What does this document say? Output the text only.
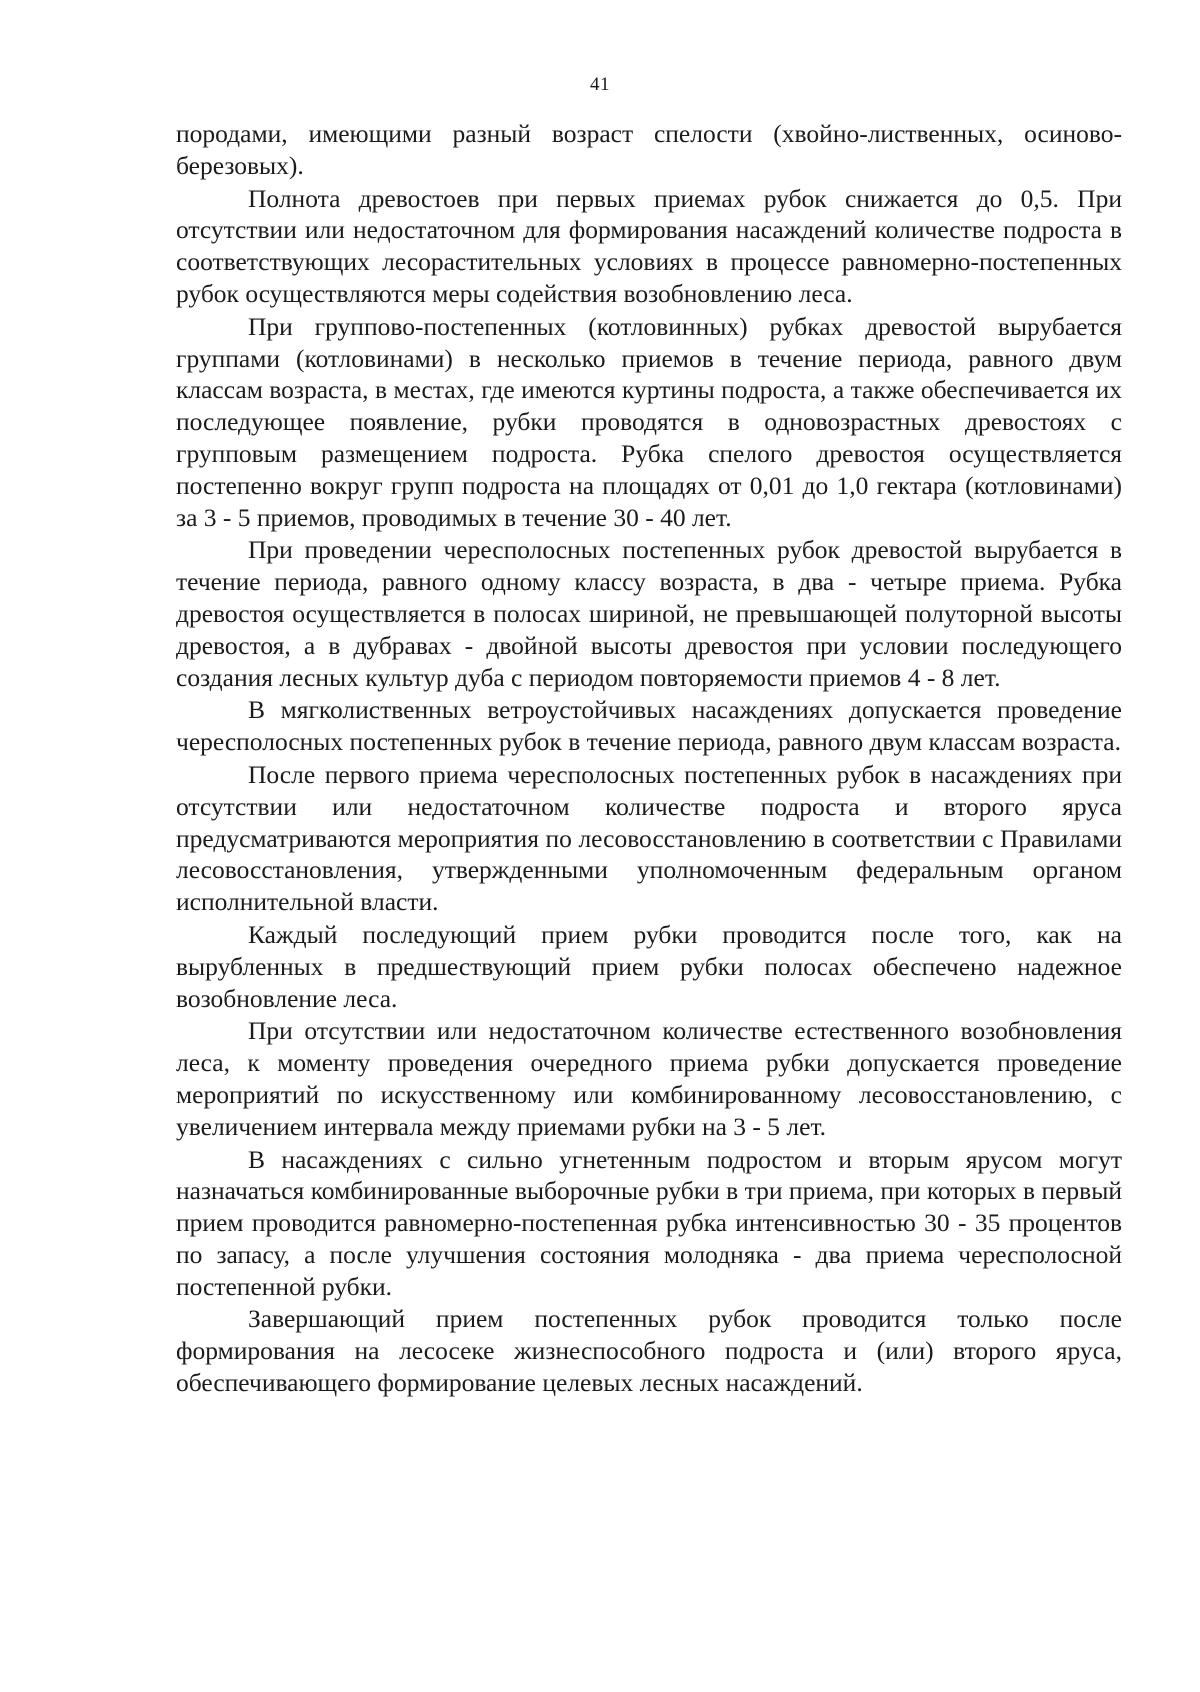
41

породами, имеющими разный возраст спелости (хвойно-лиственных, осиново-березовых).

Полнота древостоев при первых приемах рубок снижается до 0,5. При отсутствии или недостаточном для формирования насаждений количестве подроста в соответствующих лесорастительных условиях в процессе равномерно-постепенных рубок осуществляются меры содействия возобновлению леса.

При группово-постепенных (котловинных) рубках древостой вырубается группами (котловинами) в несколько приемов в течение периода, равного двум классам возраста, в местах, где имеются куртины подроста, а также обеспечивается их последующее появление, рубки проводятся в одновозрастных древостоях с групповым размещением подроста. Рубка спелого древостоя осуществляется постепенно вокруг групп подроста на площадях от 0,01 до 1,0 гектара (котловинами) за 3 - 5 приемов, проводимых в течение 30 - 40 лет.

При проведении чересполосных постепенных рубок древостой вырубается в течение периода, равного одному классу возраста, в два - четыре приема. Рубка древостоя осуществляется в полосах шириной, не превышающей полуторной высоты древостоя, а в дубравах - двойной высоты древостоя при условии последующего создания лесных культур дуба с периодом повторяемости приемов 4 - 8 лет.

В мягколиственных ветроустойчивых насаждениях допускается проведение чересполосных постепенных рубок в течение периода, равного двум классам возраста.

После первого приема чересполосных постепенных рубок в насаждениях при отсутствии или недостаточном количестве подроста и второго яруса предусматриваются мероприятия по лесовосстановлению в соответствии с Правилами лесовосстановления, утвержденными уполномоченным федеральным органом исполнительной власти.

Каждый последующий прием рубки проводится после того, как на вырубленных в предшествующий прием рубки полосах обеспечено надежное возобновление леса.

При отсутствии или недостаточном количестве естественного возобновления леса, к моменту проведения очередного приема рубки допускается проведение мероприятий по искусственному или комбинированному лесовосстановлению, с увеличением интервала между приемами рубки на 3 - 5 лет.

В насаждениях с сильно угнетенным подростом и вторым ярусом могут назначаться комбинированные выборочные рубки в три приема, при которых в первый прием проводится равномерно-постепенная рубка интенсивностью 30 - 35 процентов по запасу, а после улучшения состояния молодняка - два приема чересполосной постепенной рубки.

Завершающий прием постепенных рубок проводится только после формирования на лесосеке жизнеспособного подроста и (или) второго яруса, обеспечивающего формирование целевых лесных насаждений.
